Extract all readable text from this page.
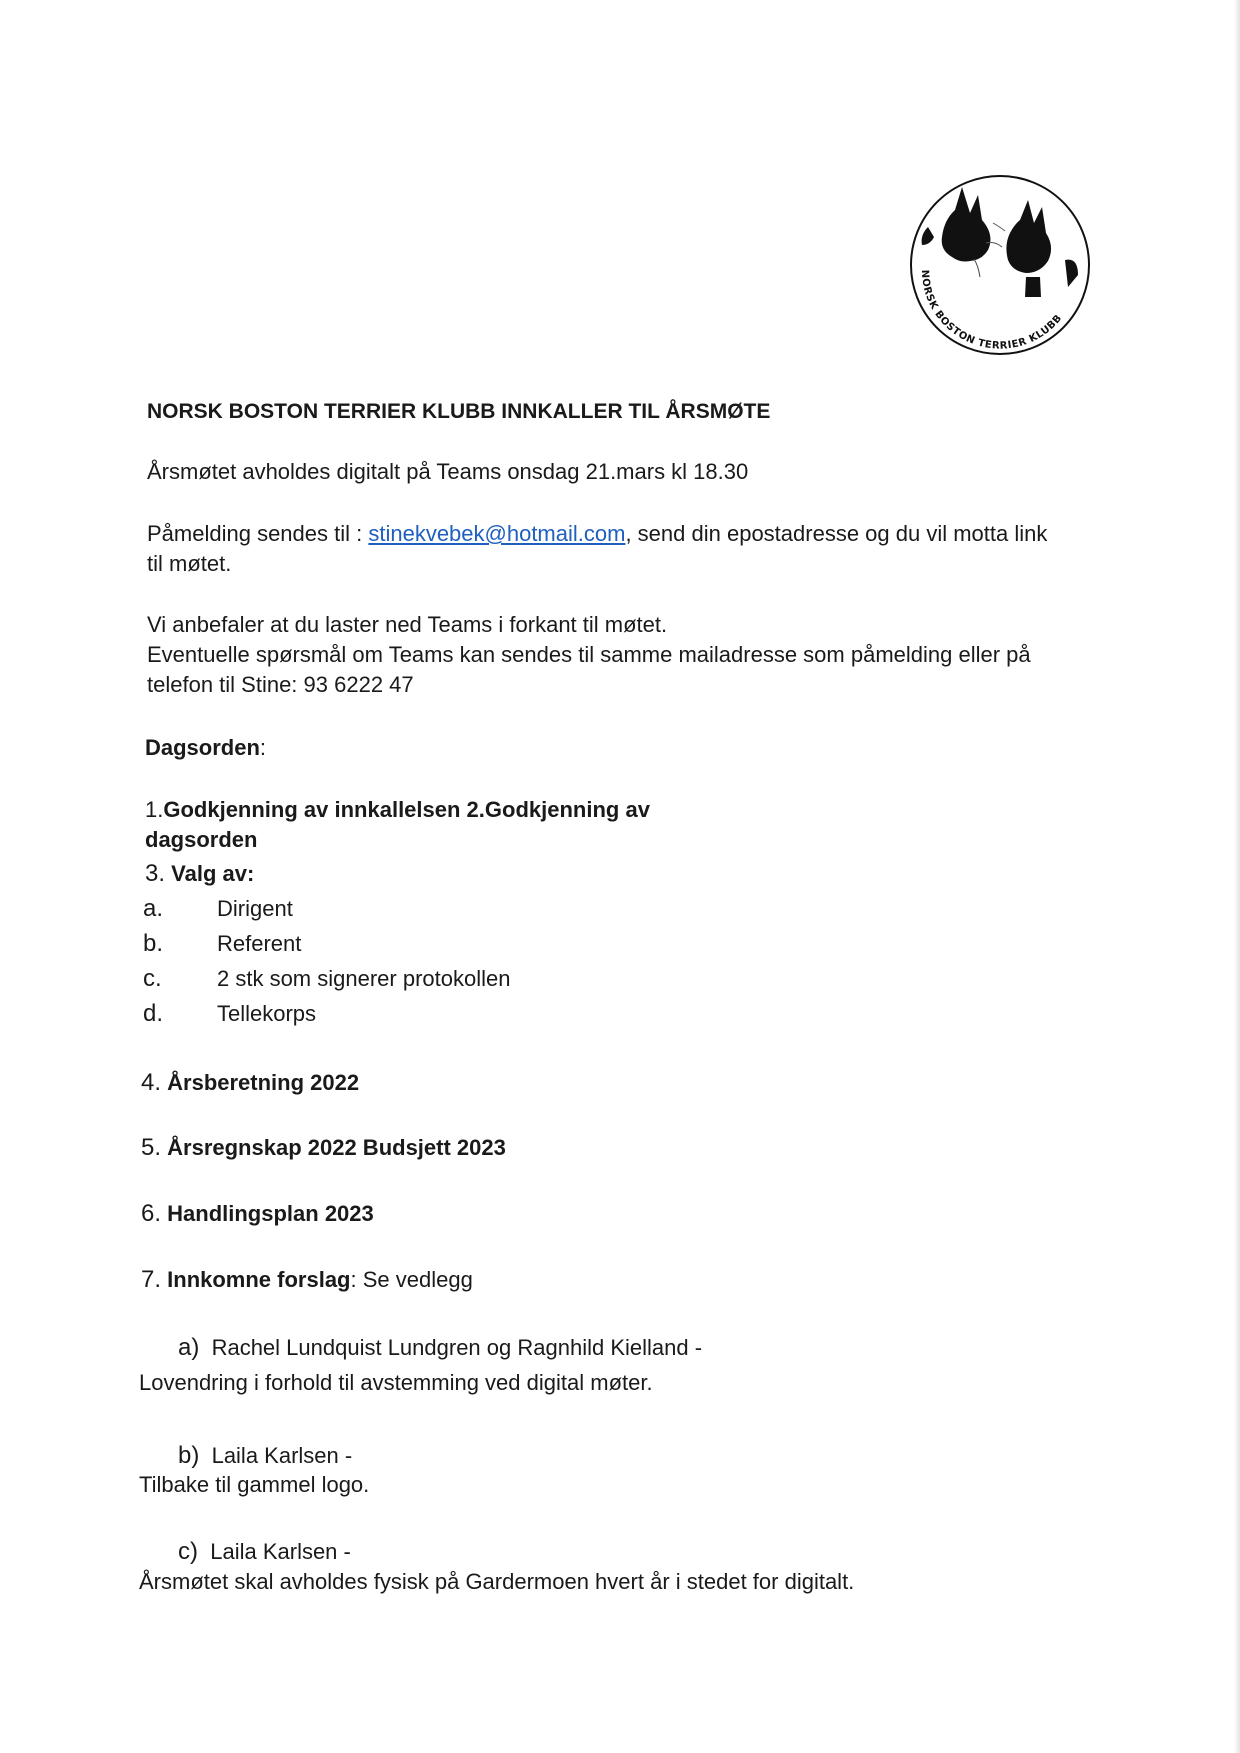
NORSK BOSTON TERRIER KLUBB
NORSK BOSTON TERRIER KLUBB INNKALLER TIL ÅRSMØTE
Årsmøtet avholdes digitalt på Teams onsdag 21.mars kl 18.30
Påmelding sendes til : stinekvebek@hotmail.com, send din epostadresse og du vil motta link
til møtet.
Vi anbefaler at du laster ned Teams i forkant til møtet.
Eventuelle spørsmål om Teams kan sendes til samme mailadresse som påmelding eller på
telefon til Stine: 93 6222 47
Dagsorden:
1.Godkjenning av innkallelsen 2.Godkjenning av
dagsorden
3. Valg av:
a. Dirigent
b. Referent
c.	2 stk som signerer protokollen
d. Tellekorps
4. Årsberetning 2022
5. Årsregnskap 2022 Budsjett 2023
6. Handlingsplan 2023
7. Innkomne forslag: Se vedlegg
a) Rachel Lundquist Lundgren og Ragnhild Kielland -
Lovendring i forhold til avstemming ved digital møter.
b) Laila Karlsen -
Tilbake til gammel logo.
c) Laila Karlsen -
Årsmøtet skal avholdes fysisk på Gardermoen hvert år i stedet for digitalt.
